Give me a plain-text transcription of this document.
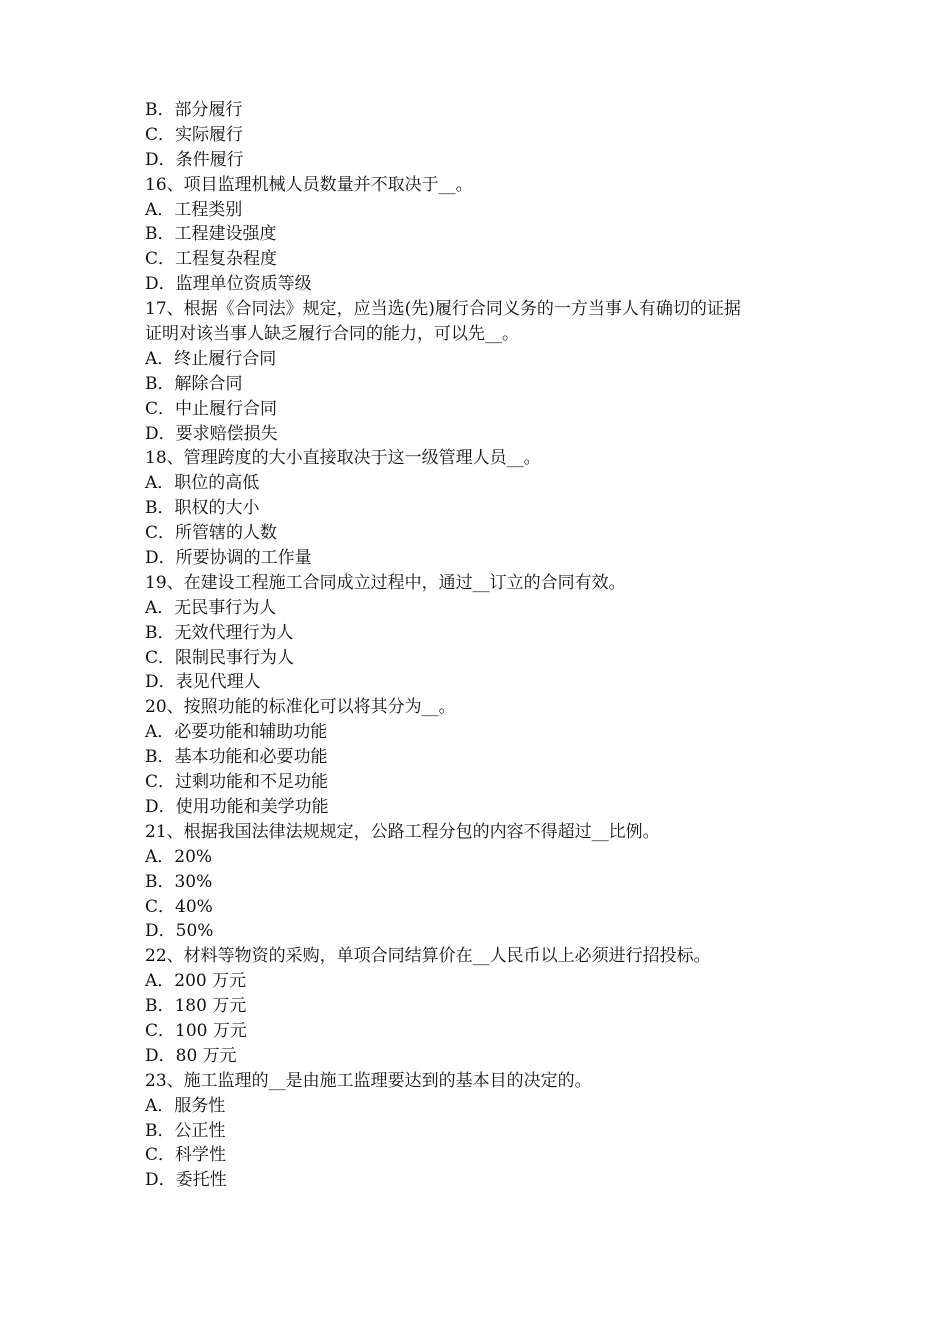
B．部分履行
C．实际履行
D．条件履行
16、项目监理机械人员数量并不取决于__。
A．工程类别
B．工程建设强度
C．工程复杂程度
D．监理单位资质等级
17、根据《合同法》规定，应当选(先)履行合同义务的一方当事人有确切的证据
证明对该当事人缺乏履行合同的能力，可以先__。
A．终止履行合同
B．解除合同
C．中止履行合同
D．要求赔偿损失
18、管理跨度的大小直接取决于这一级管理人员__。
A．职位的高低
B．职权的大小
C．所管辖的人数
D．所要协调的工作量
19、在建设工程施工合同成立过程中，通过__订立的合同有效。
A．无民事行为人
B．无效代理行为人
C．限制民事行为人
D．表见代理人
20、按照功能的标准化可以将其分为__。
A．必要功能和辅助功能
B．基本功能和必要功能
C．过剩功能和不足功能
D．使用功能和美学功能
21、根据我国法律法规规定，公路工程分包的内容不得超过__比例。
A．20%
B．30%
C．40%
D．50%
22、材料等物资的采购，单项合同结算价在__人民币以上必须进行招投标。
A．200 万元
B．180 万元
C．100 万元
D．80 万元
23、施工监理的__是由施工监理要达到的基本目的决定的。
A．服务性
B．公正性
C．科学性
D．委托性
